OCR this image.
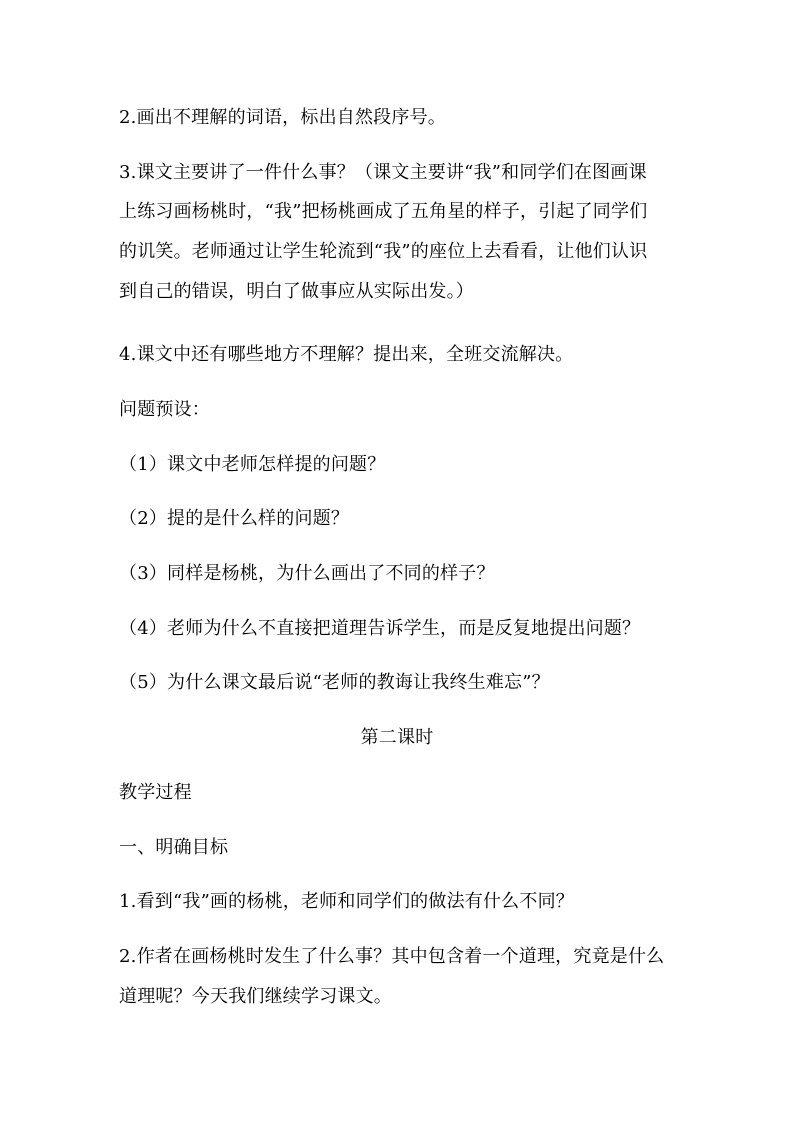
2.画出不理解的词语，标出自然段序号。
3.课文主要讲了一件什么事？（课文主要讲“我”和同学们在图画课
上练习画杨桃时，“我”把杨桃画成了五角星的样子，引起了同学们
的讥笑。老师通过让学生轮流到“我”的座位上去看看，让他们认识
到自己的错误，明白了做事应从实际出发。）
4.课文中还有哪些地方不理解？提出来，全班交流解决。
问题预设：
（1）课文中老师怎样提的问题？
（2）提的是什么样的问题？
（3）同样是杨桃，为什么画出了不同的样子？
（4）老师为什么不直接把道理告诉学生，而是反复地提出问题？
（5）为什么课文最后说“老师的教诲让我终生难忘”？
第二课时
教学过程
一、明确目标
1.看到“我”画的杨桃，老师和同学们的做法有什么不同？
2.作者在画杨桃时发生了什么事？其中包含着一个道理，究竟是什么
道理呢？今天我们继续学习课文。
